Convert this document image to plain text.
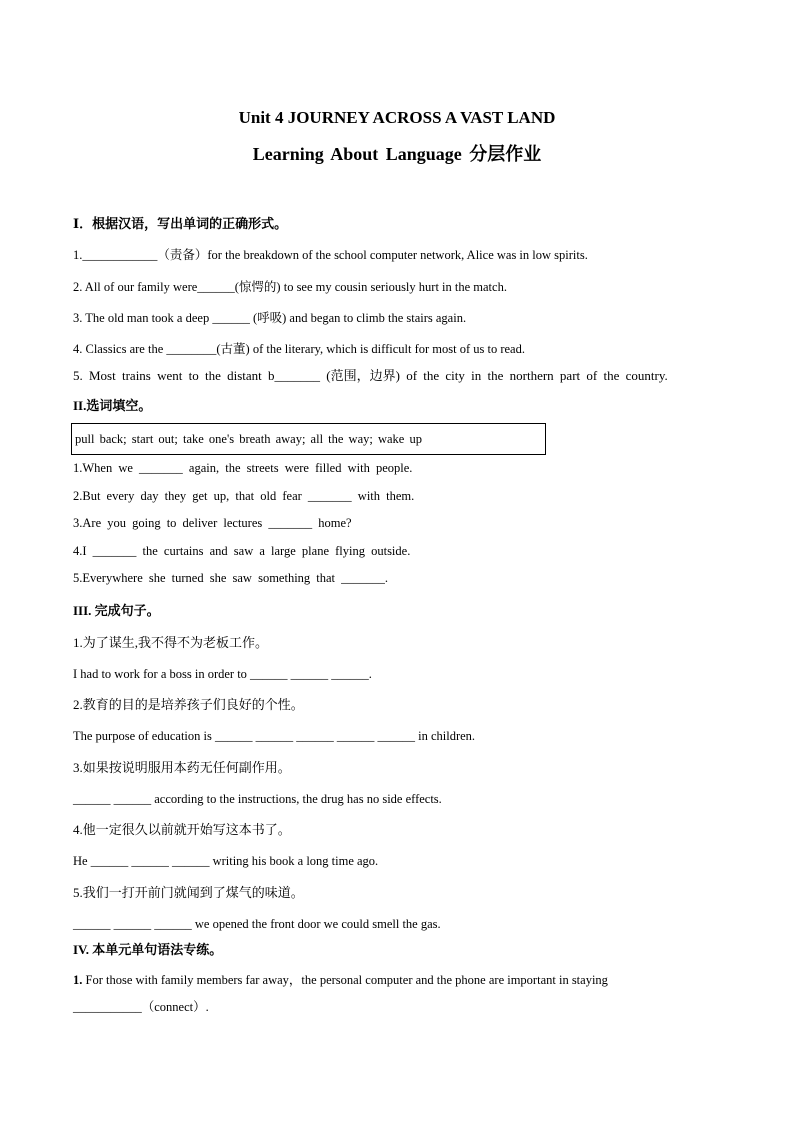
Unit 4 JOURNEY ACROSS A VAST LAND
Learning About Language 分层作业
Ⅰ．根据汉语，写出单词的正确形式。
1.____________（责备）for the breakdown of the school computer network, Alice was in low spirits.
2. All of our family were______(惊愕的) to see my cousin seriously hurt in the match.
3. The old man took a deep ______ (呼吸) and began to climb the stairs again.
4. Classics are the ________(古董) of the literary, which is difficult for most of us to read.
5. Most trains went to the distant b_______ (范围，边界) of the city in the northern part of the country.
II.选词填空。
pull back; start out; take one's breath away; all the way; wake up
1.When we _______ again, the streets were filled with people.
2.But every day they get up, that old fear _______ with them.
3.Are you going to deliver lectures _______ home?
4.I _______ the curtains and saw a large plane flying outside.
5.Everywhere she turned she saw something that _______.
III. 完成句子。
1.为了谋生,我不得不为老板工作。
I had to work for a boss in order to ______ ______ ______.
2.教育的目的是培养孩子们良好的个性。
The purpose of education is ______ ______ ______ ______ ______ in children.
3.如果按说明服用本药无任何副作用。
______ ______ according to the instructions, the drug has no side effects.
4.他一定很久以前就开始写这本书了。
He ______ ______ ______ writing his book a long time ago.
5.我们一打开前门就闻到了煤气的味道。
______ ______ ______ we opened the front door we could smell the gas.
IV. 本单元单句语法专练。
1. For those with family members far away，the personal computer and the phone are important in staying
___________（connect）.
